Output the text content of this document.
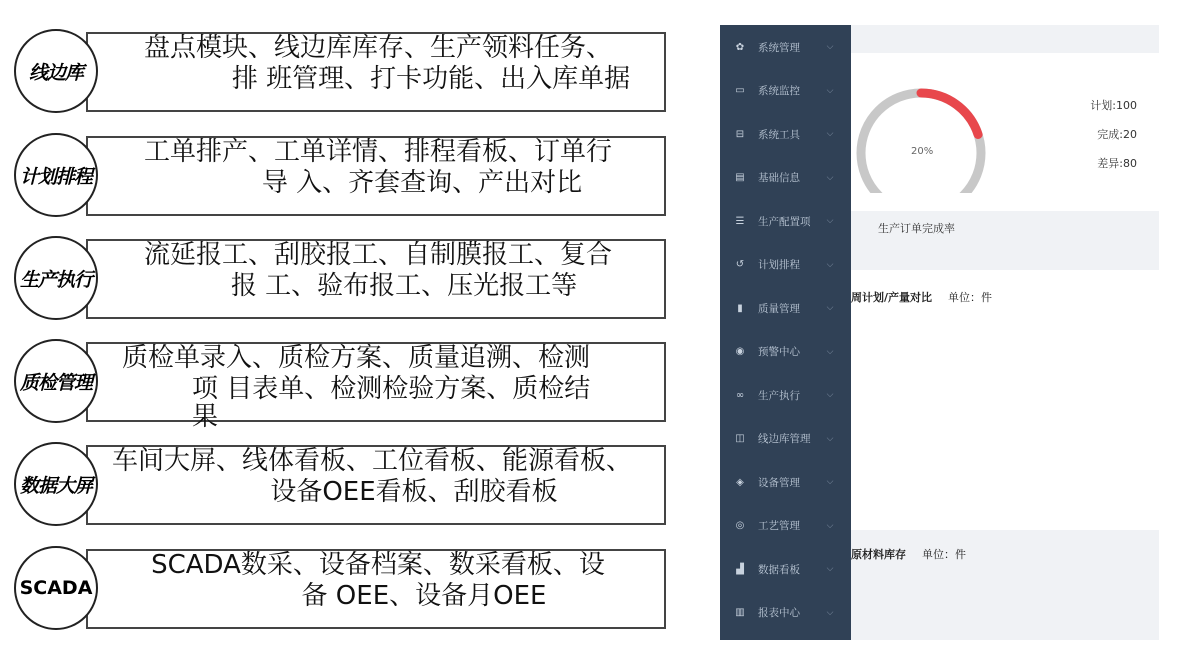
线边库
盘点模块、线边库库存、生产领料任务、
排 班管理、打卡功能、出入库单据
计划排程
工单排产、工单详情、排程看板、订单行
导 入、齐套查询、产出对比
生产执行
流延报工、刮胶报工、自制膜报工、复合
报 工、验布报工、压光报工等
质检管理
质检单录入、质检方案、质量追溯、检测
项 目表单、检测检验方案、质检结
果
数据大屏
车间大屏、线体看板、工位看板、能源看板、
设备OEE看板、刮胶看板
SCADA
SCADA数采、设备档案、数采看板、设
备 OEE、设备月OEE
✿ 系统管理	⌵
▭ 系统监控	⌵
⊟ 系统工具	⌵
▤ 基础信息	⌵
☰ 生产配置项	⌵
↺ 计划排程	⌵
▮	质量管理	⌵
◉ 预警中心	⌵
∞ 生产执行	⌵
◫ 线边库管理	⌵
◈ 设备管理	⌵
◎ 工艺管理	⌵
▟ 数据看板	⌵
▥ 报表中心	⌵
20%
生产订单完成率
计划:100
完成:20
差异:80
周计划/产量对比 单位：件
原材料库存 单位：件
